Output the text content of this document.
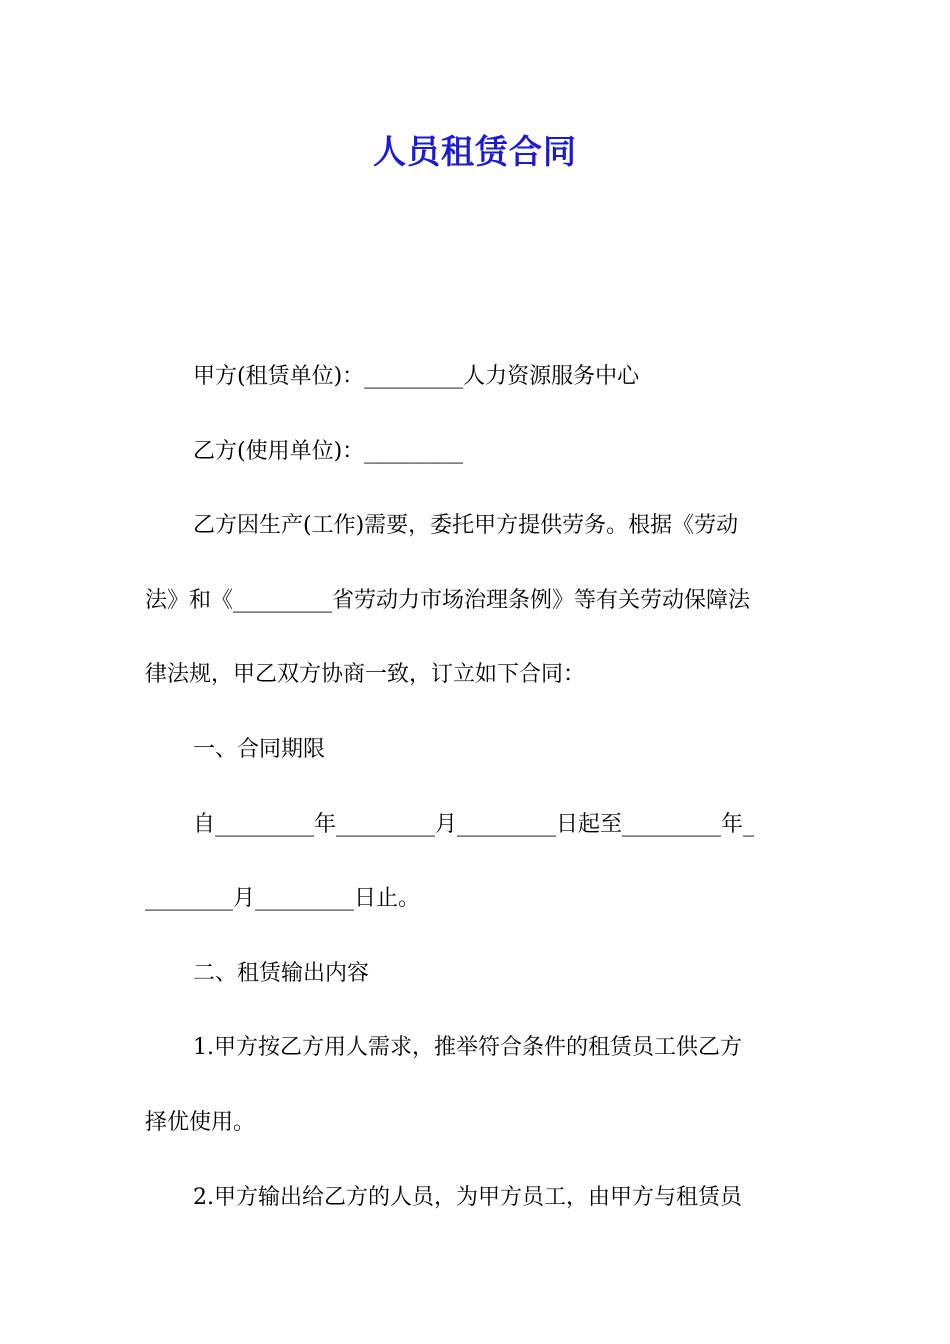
人员租赁合同
甲方(租赁单位)：_________人力资源服务中心
乙方(使用单位)：_________
乙方因生产(工作)需要，委托甲方提供劳务。根据《劳动
法》和《_________省劳动力市场治理条例》等有关劳动保障法
律法规，甲乙双方协商一致，订立如下合同：
一、合同期限
自_________年_________月_________日起至_________年_
________月_________日止。
二、租赁输出内容
1.甲方按乙方用人需求，推举符合条件的租赁员工供乙方
择优使用。
2.甲方输出给乙方的人员，为甲方员工，由甲方与租赁员
